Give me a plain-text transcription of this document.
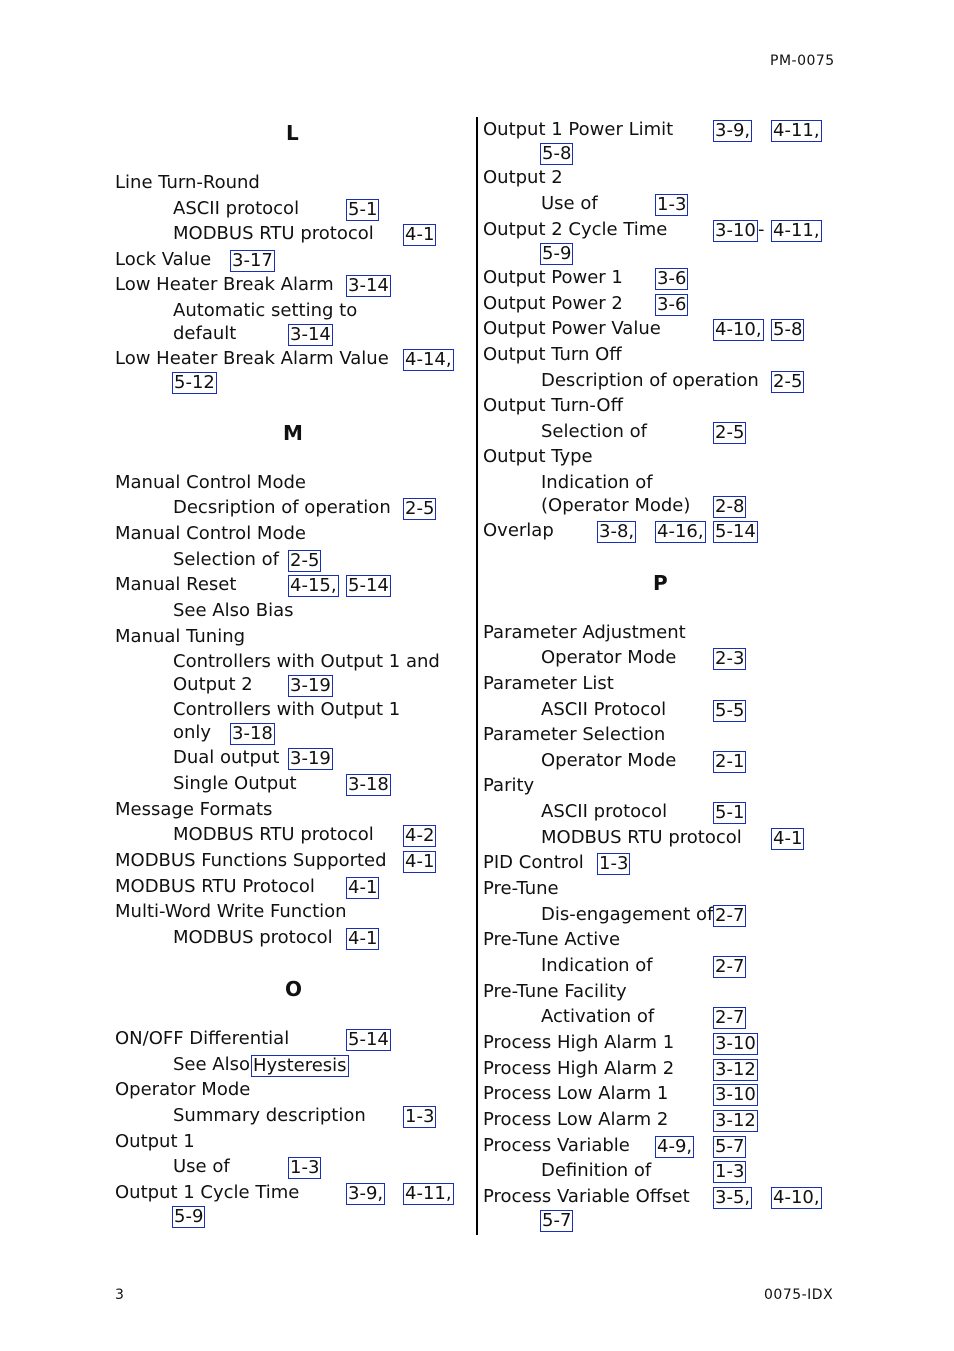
PM-0075
L
M
O
Line Turn-Round
ASCII protocol	5-1
MODBUS RTU protocol 4-1
Lock Value 3-17
Low Heater Break Alarm 3-14
Automatic setting to
default	3-14
Low Heater Break Alarm Value 4-14,
5-12
Manual Control Mode
Decsription of operation 2-5
Manual Control Mode
Selection of 2-5
Manual Reset	4-15, 5-14
See Also Bias
Manual Tuning
Controllers with Output 1 and
Output 2 3-19
Controllers with Output 1
only 3-18
Dual output 3-19
Single Output	3-18
Message Formats
MODBUS RTU protocol 4-2
MODBUS Functions Supported 4-1
MODBUS RTU Protocol 4-1
Multi-Word Write Function
MODBUS protocol 4-1
ON/OFF Differential	5-14
See Also Hysteresis
Operator Mode
Summary description 1-3
Output 1
Use of	1-3
Output 1 Cycle Time	3-9, 4-11,
5-9
P
Output 1 Power Limit 3-9, 4-11,
5-8
Output 2
Use of	1-3
Output 2 Cycle Time	3-10 - 4-11,
5-9
Output Power 1 3-6
Output Power 2 3-6
Output Power Value	4-10, 5-8
Output Turn Off
Description of operation 2-5
Output Turn-Off
Selection of	2-5
Output Type
Indication of
(Operator Mode) 2-8
Overlap	3-8, 4-16, 5-14
Parameter Adjustment
Operator Mode 2-3
Parameter List
ASCII Protocol	5-5
Parameter Selection
Operator Mode 2-1
Parity
ASCII protocol	5-1
MODBUS RTU protocol 4-1
PID Control 1-3
Pre-Tune
Dis-engagement of 2-7
Pre-Tune Active
Indication of	2-7
Pre-Tune Facility
Activation of	2-7
Process High Alarm 1 3-10
Process High Alarm 2 3-12
Process Low Alarm 1	3-10
Process Low Alarm 2	3-12
Process Variable 4-9, 5-7
Definition of	1-3
Process Variable Offset 3-5, 4-10,
5-7
3	0075-IDX
